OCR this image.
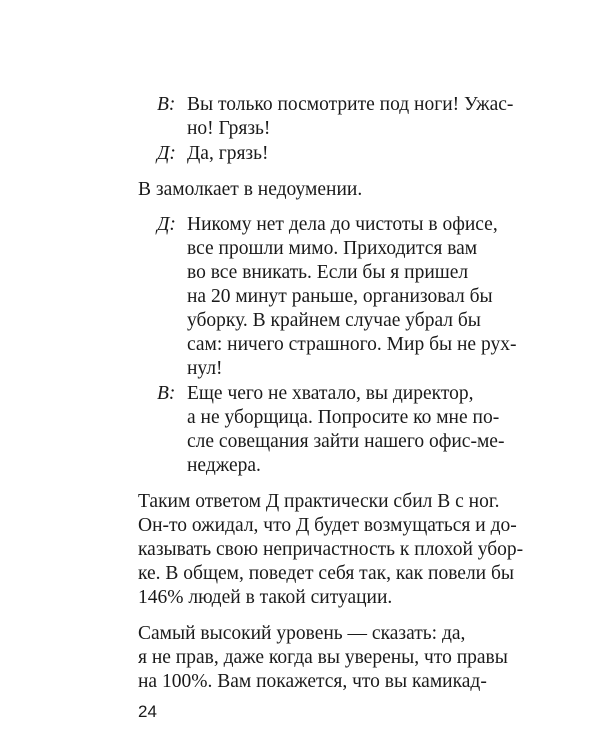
В: Вы только посмотрите под ноги! Ужас-
но! Грязь!
Д: Да, грязь!
В замолкает в недоумении.
Д: Никому нет дела до чистоты в офисе,
все прошли мимо. Приходится вам
во все вникать. Если бы я пришел
на 20 минут раньше, организовал бы
уборку. В крайнем случае убрал бы
сам: ничего страшного. Мир бы не рух-
нул!
В: Еще чего не хватало, вы директор,
а не уборщица. Попросите ко мне по-
сле совещания зайти нашего офис-ме-
неджера.
Таким ответом Д практически сбил В с ног.
Он-то ожидал, что Д будет возмущаться и до-
казывать свою непричастность к плохой убор-
ке. В общем, поведет себя так, как повели бы
146% людей в такой ситуации.
Самый высокий уровень — сказать: да,
я не прав, даже когда вы уверены, что правы
на 100%. Вам покажется, что вы камикад-
24
